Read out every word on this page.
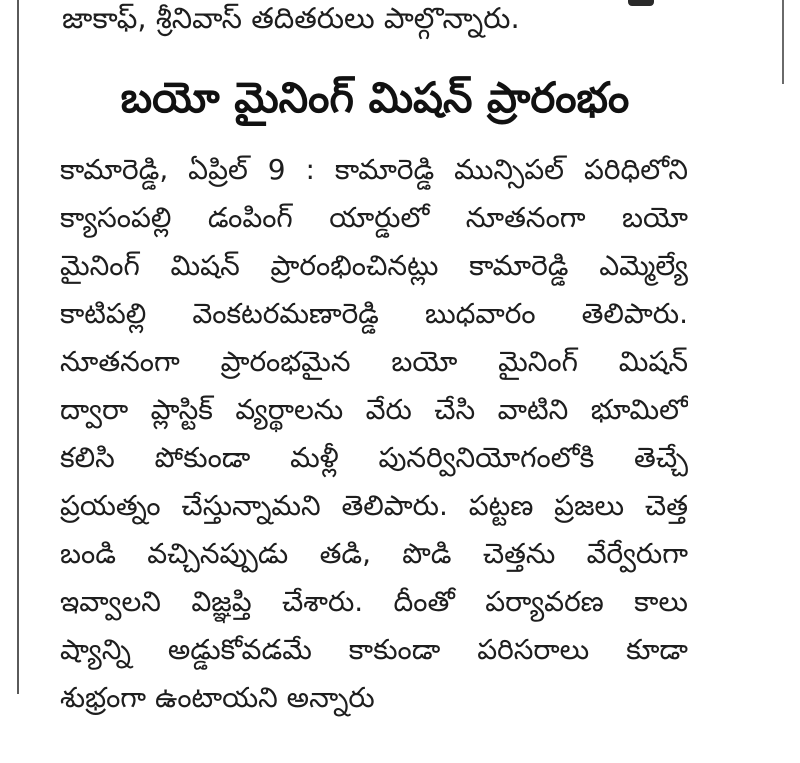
జాకాఫ్, శ్రీనివాస్ తదితరులు పాల్గొన్నారు.
బయో మైనింగ్ మిషన్ ప్రారంభం
కామారెడ్డి, ఏప్రిల్ 9 : కామారెడ్డి మున్సిపల్ పరిధిలోని
క్యాసంపల్లి డంపింగ్ యార్డులో నూతనంగా బయో
మైనింగ్ మిషన్ ప్రారంభించినట్లు కామారెడ్డి ఎమ్మెల్యే
కాటిపల్లి వెంకటరమణారెడ్డి బుధవారం తెలిపారు.
నూతనంగా ప్రారంభమైన బయో మైనింగ్ మిషన్
ద్వారా ప్లాస్టిక్ వ్యర్థాలను వేరు చేసి వాటిని భూమిలో
కలిసి పోకుండా మళ్లీ పునర్వినియోగంలోకి తెచ్చే
ప్రయత్నం చేస్తున్నామని తెలిపారు. పట్టణ ప్రజలు చెత్త
బండి వచ్చినప్పుడు తడి, పొడి చెత్తను వేర్వేరుగా
ఇవ్వాలని విజ్ఞప్తి చేశారు. దీంతో పర్యావరణ కాలు
ష్యాన్ని అడ్డుకోవడమే కాకుండా పరిసరాలు కూడా
శుభ్రంగా ఉంటాయని అన్నారు
